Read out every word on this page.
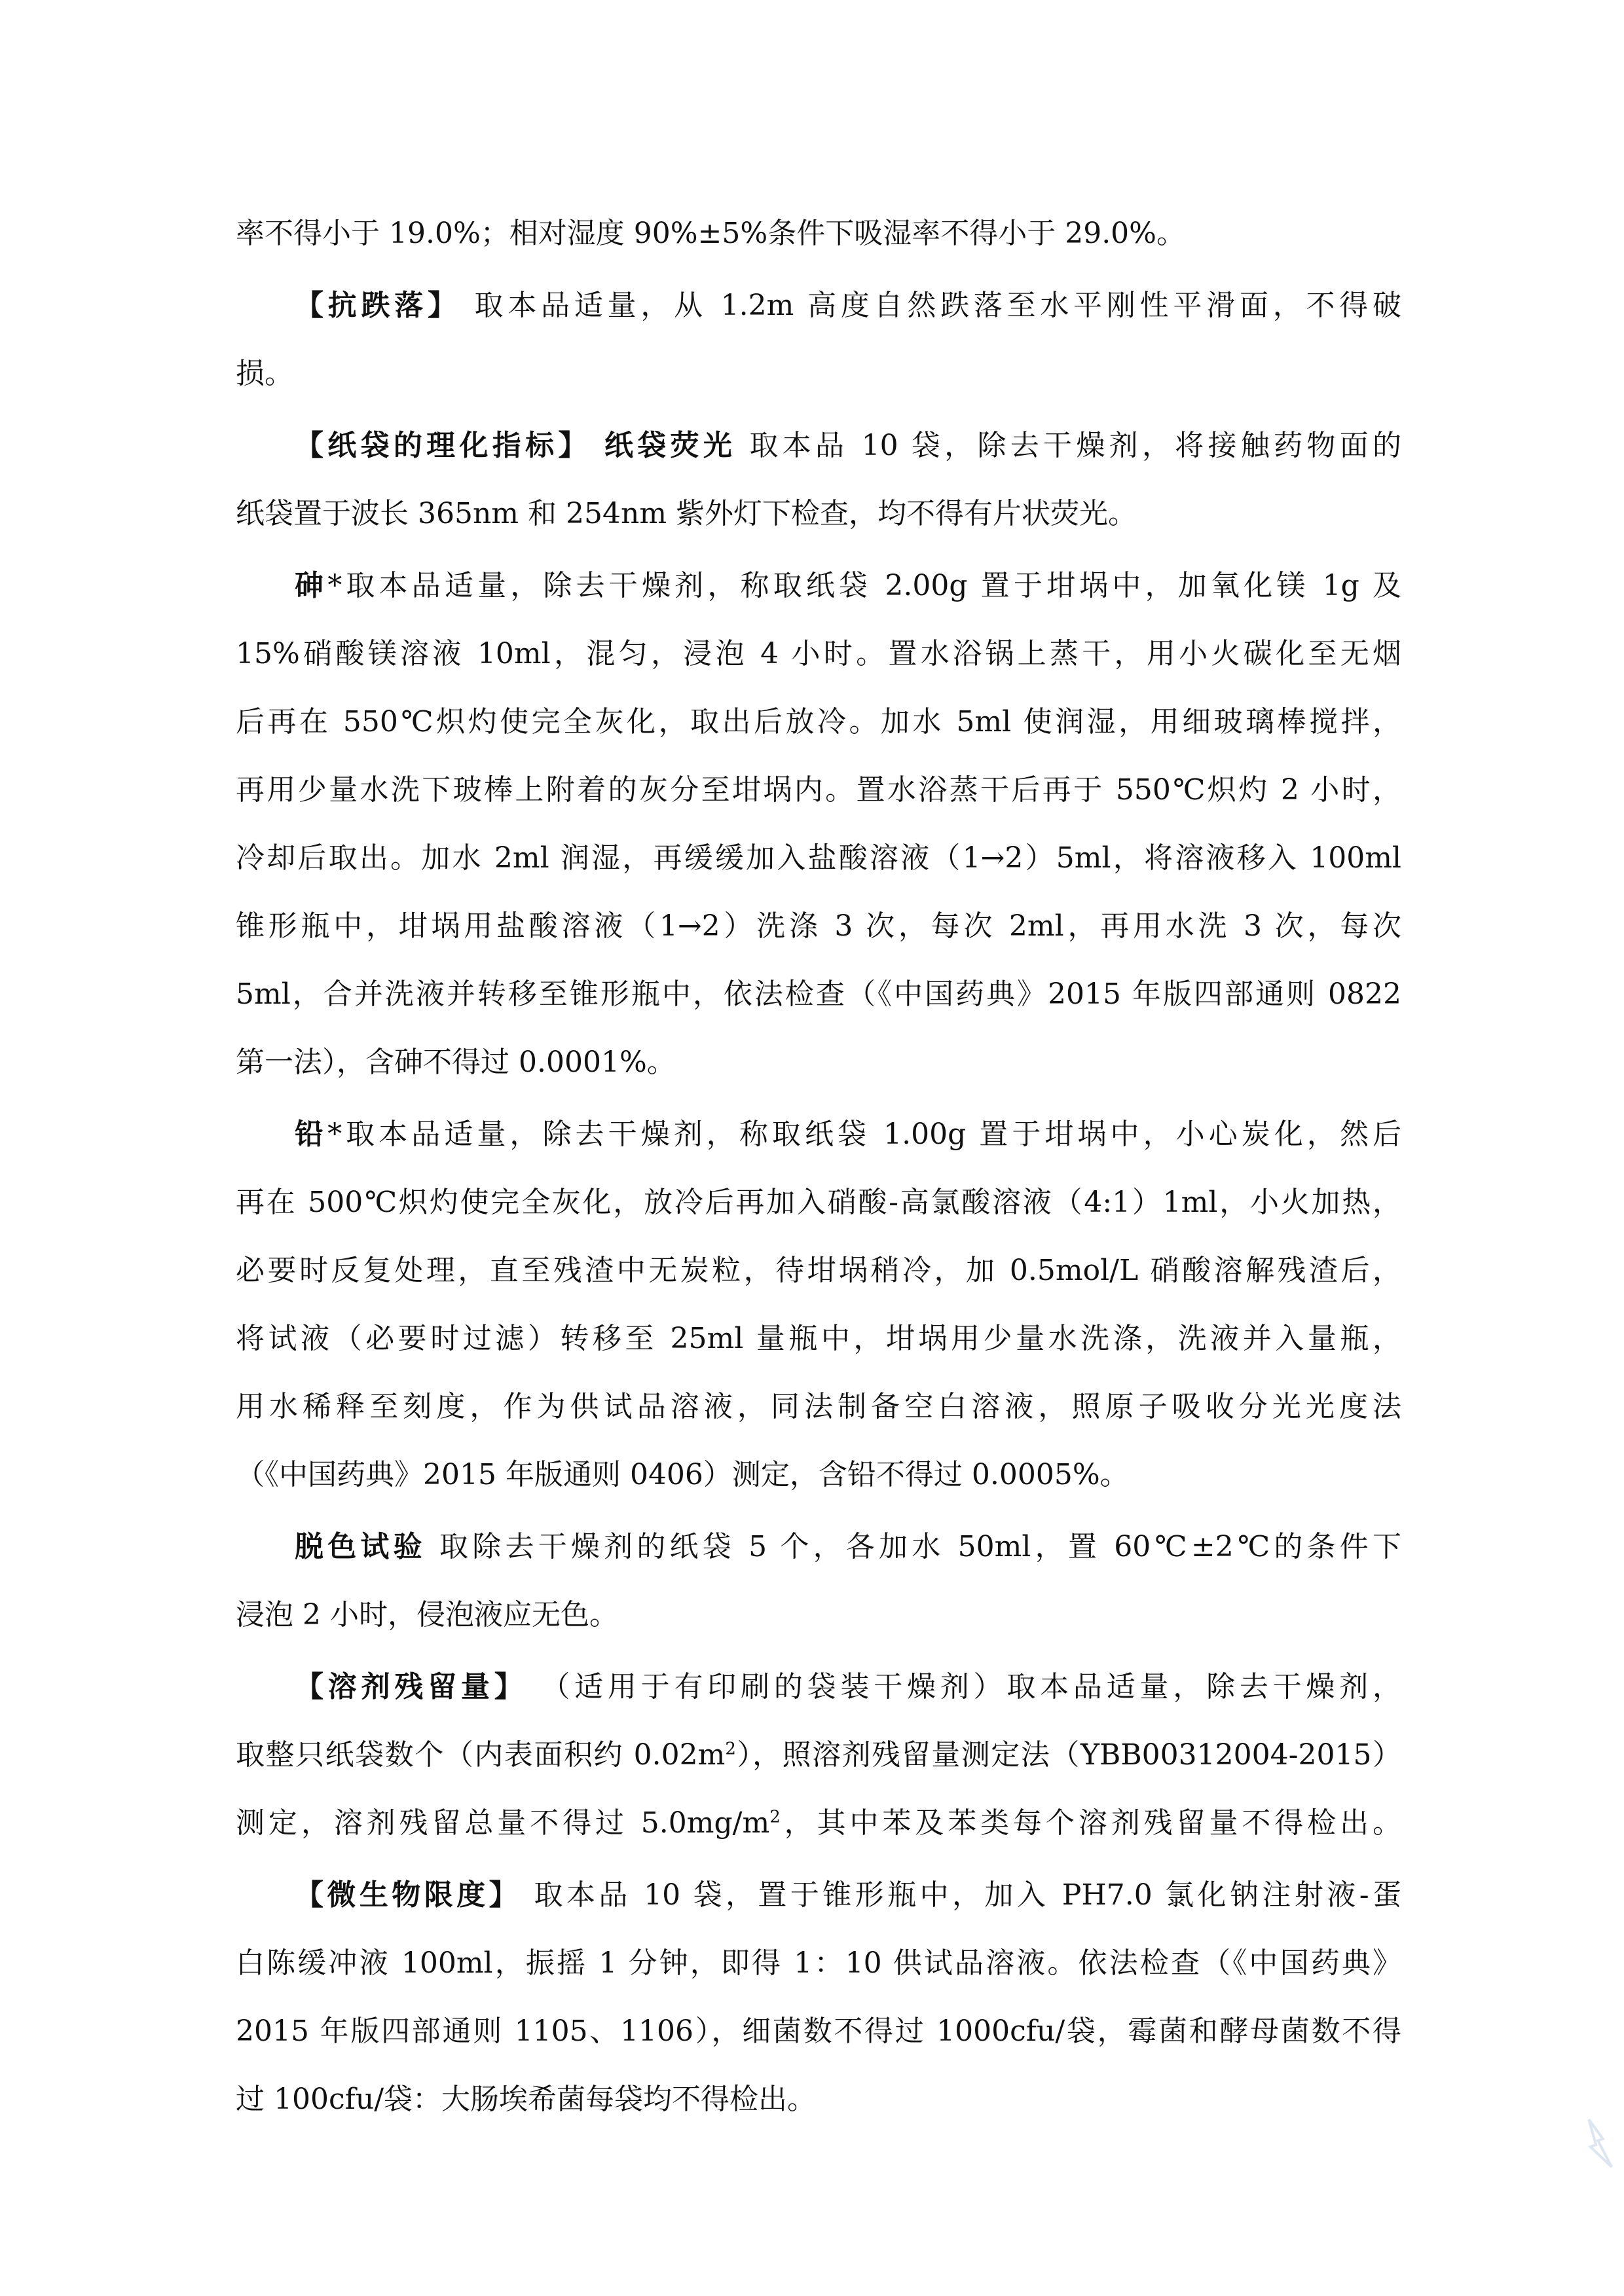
率不得小于 19.0%；相对湿度 90%±5%条件下吸湿率不得小于 29.0%。
【抗跌落】 取本品适量，从 1.2m 高度自然跌落至水平刚性平滑面，不得破
损。
【纸袋的理化指标】 纸袋荧光 取本品 10 袋，除去干燥剂，将接触药物面的
纸袋置于波长 365nm 和 254nm 紫外灯下检查，均不得有片状荧光。
砷*取本品适量，除去干燥剂，称取纸袋 2.00g 置于坩埚中，加氧化镁 1g 及
15%硝酸镁溶液 10ml，混匀，浸泡 4 小时。置水浴锅上蒸干，用小火碳化至无烟
后再在 550℃炽灼使完全灰化，取出后放冷。加水 5ml 使润湿，用细玻璃棒搅拌，
再用少量水洗下玻棒上附着的灰分至坩埚内。置水浴蒸干后再于 550℃炽灼 2 小时，
冷却后取出。加水 2ml 润湿，再缓缓加入盐酸溶液（1→2）5ml，将溶液移入 100ml
锥形瓶中，坩埚用盐酸溶液（1→2）洗涤 3 次，每次 2ml，再用水洗 3 次，每次
5ml，合并洗液并转移至锥形瓶中，依法检查（《中国药典》2015 年版四部通则 0822
第一法），含砷不得过 0.0001%。
铅*取本品适量，除去干燥剂，称取纸袋 1.00g 置于坩埚中，小心炭化，然后
再在 500℃炽灼使完全灰化，放冷后再加入硝酸-高氯酸溶液（4:1）1ml，小火加热，
必要时反复处理，直至残渣中无炭粒，待坩埚稍冷，加 0.5mol/L 硝酸溶解残渣后，
将试液（必要时过滤）转移至 25ml 量瓶中，坩埚用少量水洗涤，洗液并入量瓶，
用水稀释至刻度，作为供试品溶液，同法制备空白溶液，照原子吸收分光光度法
（《中国药典》2015 年版通则 0406）测定，含铅不得过 0.0005%。
脱色试验 取除去干燥剂的纸袋 5 个，各加水 50ml，置 60℃±2℃的条件下
浸泡 2 小时，侵泡液应无色。
【溶剂残留量】 （适用于有印刷的袋装干燥剂）取本品适量，除去干燥剂，
取整只纸袋数个（内表面积约 $0.02m^2$），照溶剂残留量测定法（YBB00312004-2015）
测定，溶剂残留总量不得过 $5.0mg/m^2$，其中苯及苯类每个溶剂残留量不得检出。
【微生物限度】 取本品 10 袋，置于锥形瓶中，加入 PH7.0 氯化钠注射液-蛋
白陈缓冲液 100ml，振摇 1 分钟，即得 1：10 供试品溶液。依法检查（《中国药典》
2015 年版四部通则 1105、1106），细菌数不得过 1000cfu/袋，霉菌和酵母菌数不得
过 100cfu/袋：大肠埃希菌每袋均不得检出。
